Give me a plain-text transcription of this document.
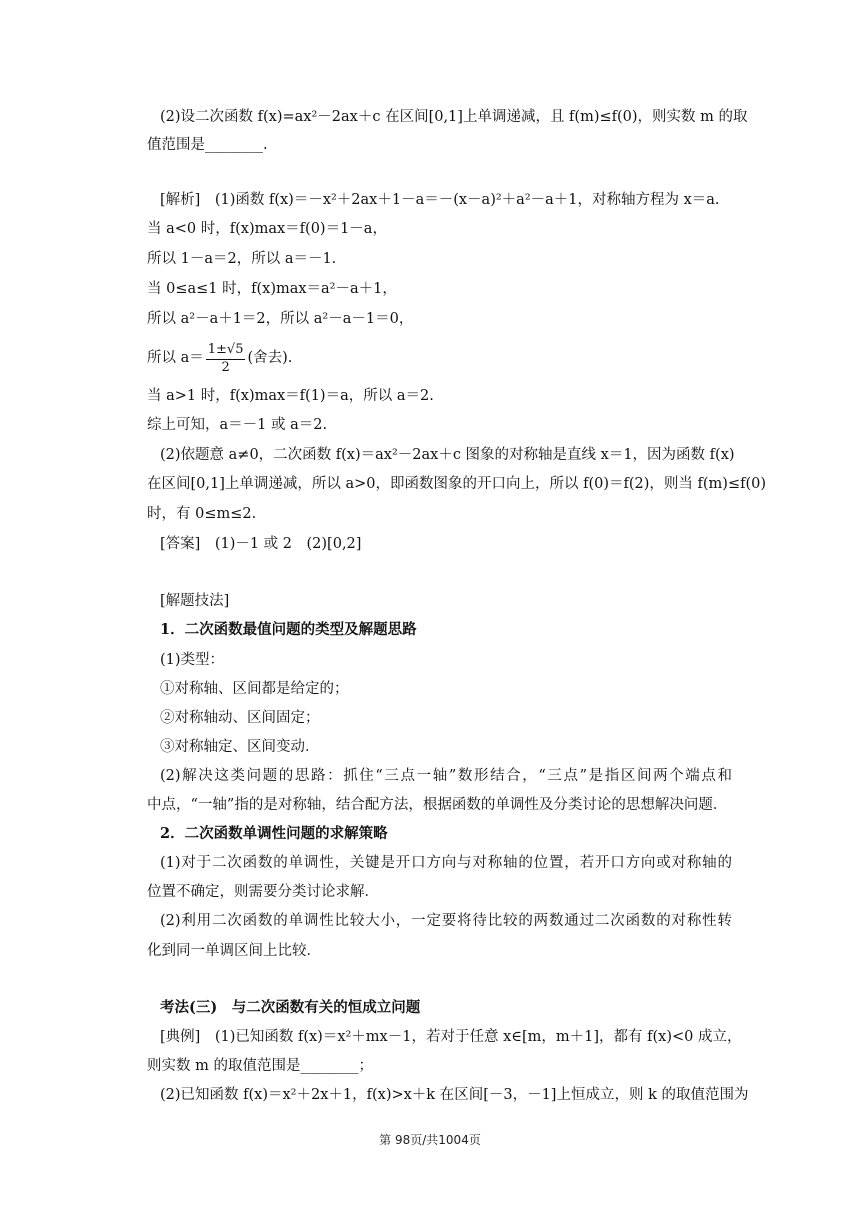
(2)设二次函数 f(x)=ax²－2ax＋c 在区间[0,1]上单调递减，且 f(m)≤f(0)，则实数 m 的取
值范围是________.
[解析]　(1)函数 f(x)＝－x²＋2ax＋1－a＝－(x－a)²＋a²－a＋1，对称轴方程为 x＝a.
当 a<0 时，f(x)max＝f(0)＝1－a，
所以 1－a＝2，所以 a＝－1.
当 0≤a≤1 时，f(x)max＝a²－a＋1，
所以 a²－a＋1＝2，所以 a²－a－1＝0，
所以 $a= \frac{1\pm√5}{2}$ (舍去).
当 a>1 时，f(x)max＝f(1)＝a，所以 a＝2.
综上可知，a＝－1 或 a＝2.
(2)依题意 a≠0，二次函数 f(x)＝ax²－2ax＋c 图象的对称轴是直线 x＝1，因为函数 f(x)
在区间[0,1]上单调递减，所以 a>0，即函数图象的开口向上，所以 f(0)＝f(2)，则当 f(m)≤f(0)
时，有 0≤m≤2.
[答案]　(1)－1 或 2　(2)[0,2]
[解题技法]
1．二次函数最值问题的类型及解题思路
(1)类型：
①对称轴、区间都是给定的；
②对称轴动、区间固定；
③对称轴定、区间变动．
(2)解决这类问题的思路：抓住“三点一轴”数形结合，“三点”是指区间两个端点和
中点，“一轴”指的是对称轴，结合配方法，根据函数的单调性及分类讨论的思想解决问题．
2．二次函数单调性问题的求解策略
(1)对于二次函数的单调性，关键是开口方向与对称轴的位置，若开口方向或对称轴的
位置不确定，则需要分类讨论求解．
(2)利用二次函数的单调性比较大小，一定要将待比较的两数通过二次函数的对称性转
化到同一单调区间上比较．
考法(三)　与二次函数有关的恒成立问题
[典例]　(1)已知函数 f(x)＝x²＋mx－1，若对于任意 x∈[m，m＋1]，都有 f(x)<0 成立，
则实数 m 的取值范围是________；
(2)已知函数 f(x)＝x²＋2x＋1，f(x)>x＋k 在区间[－3，－1]上恒成立，则 k 的取值范围为
第 98页/共1004页
